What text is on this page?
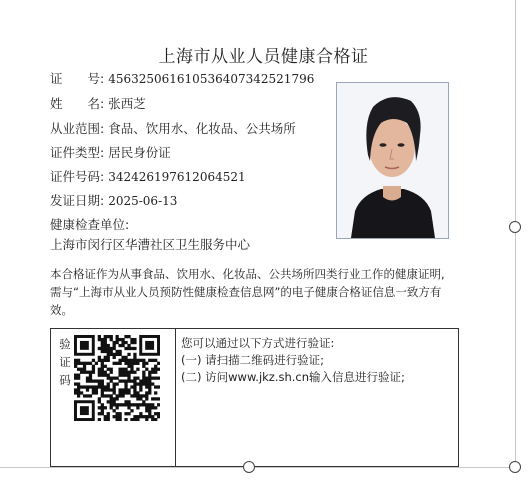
上海市从业人员健康合格证
证　　号: 456325061610536407342521796
姓　　名: 张西芝
从业范围: 食品、饮用水、化妆品、公共场所
证件类型: 居民身份证
证件号码: 342426197612064521
发证日期: 2025-06-13
健康检查单位:
上海市闵行区华漕社区卫生服务中心
本合格证作为从事食品、饮用水、化妆品、公共场所四类行业工作的健康证明,
需与“上海市从业人员预防性健康检查信息网”的电子健康合格证信息一致方有
效。
验
证
码
您可以通过以下方式进行验证:
(一) 请扫描二维码进行验证;
(二) 访问www.jkz.sh.cn输入信息进行验证;
